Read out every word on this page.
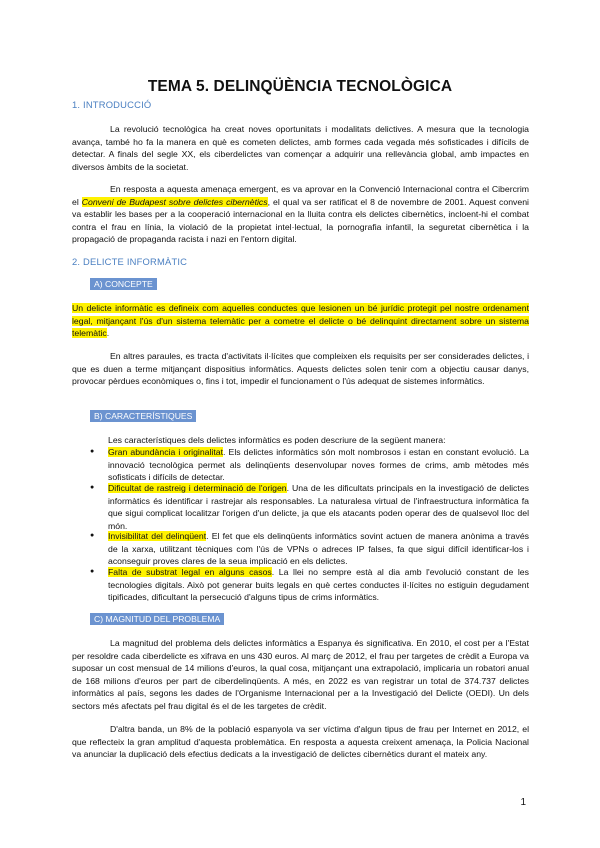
TEMA 5. DELINQÜÈNCIA TECNOLÒGICA
1. INTRODUCCIÓ

La revolució tecnològica ha creat noves oportunitats i modalitats delictives. A mesura que la tecnologia avança, també ho fa la manera en què es cometen delictes, amb formes cada vegada més sofisticades i difícils de detectar. A finals del segle XX, els ciberdelictes van començar a adquirir una rellevància global, amb impactes en diversos àmbits de la societat.

En resposta a aquesta amenaça emergent, es va aprovar en la Convenció Internacional contra el Cibercrim el Conveni de Budapest sobre delictes cibernètics, el qual va ser ratificat el 8 de novembre de 2001. Aquest conveni va establir les bases per a la cooperació internacional en la lluita contra els delictes cibernètics, incloent-hi el combat contra el frau en línia, la violació de la propietat intel·lectual, la pornografia infantil, la seguretat cibernètica i la propagació de propaganda racista i nazi en l'entorn digital.

2. DELICTE INFORMÀTIC
A) CONCEPTE

Un delicte informàtic es defineix com aquelles conductes que lesionen un bé jurídic protegit pel nostre ordenament legal, mitjançant l'ús d'un sistema telemàtic per a cometre el delicte o bé delinquint directament sobre un sistema telemàtic.

En altres paraules, es tracta d'activitats il·lícites que compleixen els requisits per ser considerades delictes, i que es duen a terme mitjançant dispositius informàtics. Aquests delictes solen tenir com a objectiu causar danys, provocar pèrdues econòmiques o, fins i tot, impedir el funcionament o l'ús adequat de sistemes informàtics.

B) CARACTERÍSTIQUES
Les característiques dels delictes informàtics es poden descriure de la següent manera:
● Gran abundància i originalitat. Els delictes informàtics són molt nombrosos i estan en constant evolució. La innovació tecnològica permet als delinqüents desenvolupar noves formes de crims, amb mètodes més sofisticats i difícils de detectar.
● Dificultat de rastreig i determinació de l'origen. Una de les dificultats principals en la investigació de delictes informàtics és identificar i rastrejar als responsables. La naturalesa virtual de l'infraestructura informàtica fa que sigui complicat localitzar l'origen d'un delicte, ja que els atacants poden operar des de qualsevol lloc del món.
● Invisibilitat del delinqüent. El fet que els delinqüents informàtics sovint actuen de manera anònima a través de la xarxa, utilitzant tècniques com l'ús de VPNs o adreces IP falses, fa que sigui difícil identificar-los i aconseguir proves clares de la seua implicació en els delictes.
● Falta de substrat legal en alguns casos. La llei no sempre està al dia amb l'evolució constant de les tecnologies digitals. Això pot generar buits legals en què certes conductes il·lícites no estiguin degudament tipificades, dificultant la persecució d'alguns tipus de crims informàtics.
C) MAGNITUD DEL PROBLEMA

La magnitud del problema dels delictes informàtics a Espanya és significativa. En 2010, el cost per a l'Estat per resoldre cada ciberdelicte es xifrava en uns 430 euros. Al març de 2012, el frau per targetes de crèdit a Europa va suposar un cost mensual de 14 milions d'euros, la qual cosa, mitjançant una extrapolació, implicaria un robatori anual de 168 milions d'euros per part de ciberdelinqüents. A més, en 2022 es van registrar un total de 374.737 delictes informàtics al país, segons les dades de l'Organisme Internacional per a la Investigació del Delicte (OEDI). Un dels sectors més afectats pel frau digital és el de les targetes de crèdit.

D'altra banda, un 8% de la població espanyola va ser víctima d'algun tipus de frau per Internet en 2012, el que reflecteix la gran amplitud d'aquesta problemàtica. En resposta a aquesta creixent amenaça, la Policia Nacional va anunciar la duplicació dels efectius dedicats a la investigació de delictes cibernètics durant el mateix any.

1
